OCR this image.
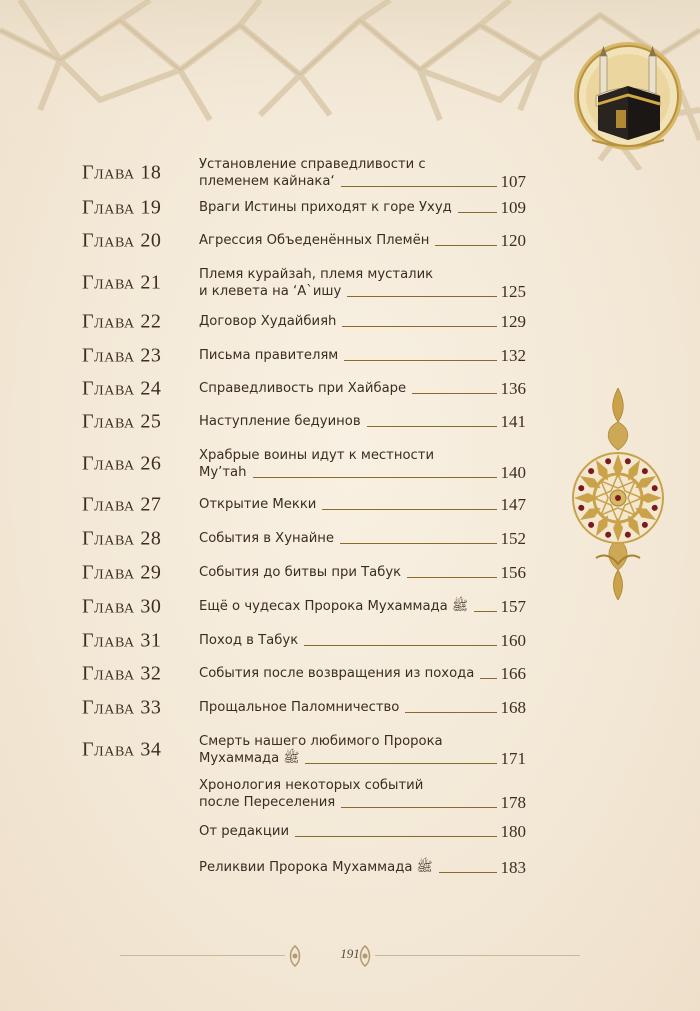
Глава 18	Установление справедливости с
племенем кайнака‘	107
Глава 19	Враги Истины приходят к горе Ухуд	109
Глава 20	Агрессия Объеденённых Племён	120
Глава 21	Племя курайзаһ, племя мусталик
и клевета на ‘А`ишу	125
Глава 22	Договор Худайбияһ	129
Глава 23	Письма правителям	132
Глава 24	Справедливость при Хайбаре	136
Глава 25	Наступление бедуинов	141
Глава 26	Храбрые воины идут к местности
Му’таһ	140
Глава 27	Открытие Мекки	147
Глава 28	События в Хунайне	152
Глава 29	События до битвы при Табук	156
Глава 30	Ещё о чудесах Пророка Мухаммада ﷺ 157
Глава 31	Поход в Табук	160
Глава 32	События после возвращения из похода 166
Глава 33	Прощальное Паломничество	168
Глава 34	Смерть нашего любимого Пророка
Мухаммада ﷺ	171
Хронология некоторых событий
после Переселения	178
От редакции	180
Реликвии Пророка Мухаммада ﷺ	183
191
